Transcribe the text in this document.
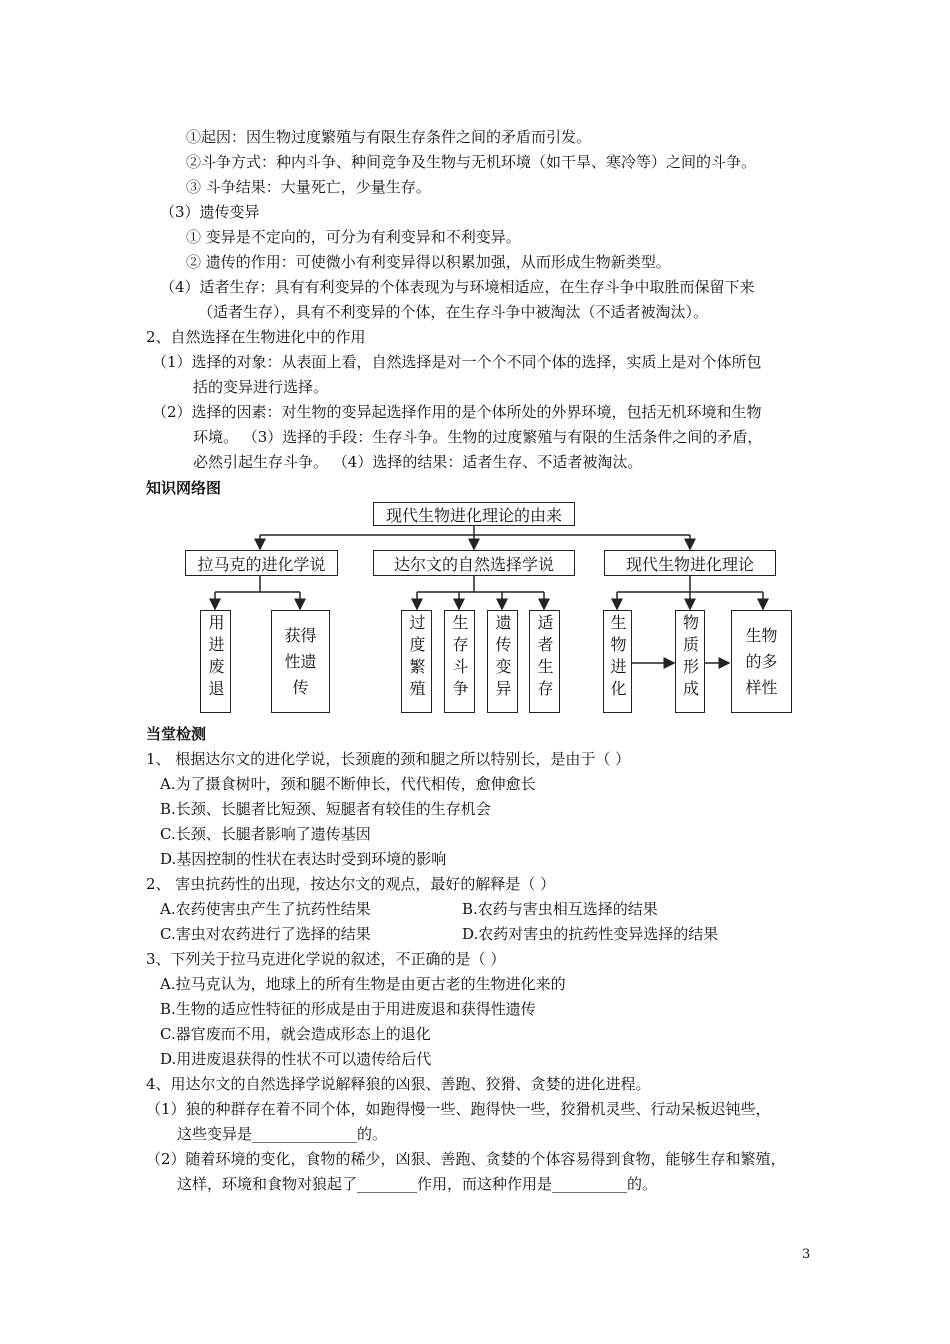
①起因：因生物过度繁殖与有限生存条件之间的矛盾而引发。
②斗争方式：种内斗争、种间竞争及生物与无机环境（如干旱、寒冷等）之间的斗争。
③ 斗争结果：大量死亡，少量生存。
（3）遗传变异
① 变异是不定向的，可分为有利变异和不利变异。
② 遗传的作用：可使微小有利变异得以积累加强，从而形成生物新类型。
（4）适者生存：具有有利变异的个体表现为与环境相适应，在生存斗争中取胜而保留下来
（适者生存），具有不利变异的个体，在生存斗争中被淘汰（不适者被淘汰）。
2、自然选择在生物进化中的作用
（1）选择的对象：从表面上看，自然选择是对一个个不同个体的选择，实质上是对个体所包
括的变异进行选择。
（2）选择的因素：对生物的变异起选择作用的是个体所处的外界环境，包括无机环境和生物
环境。 （3）选择的手段：生存斗争。生物的过度繁殖与有限的生活条件之间的矛盾，
必然引起生存斗争。 （4）选择的结果：适者生存、不适者被淘汰。
知识网络图
现代生物进化理论的由来
拉马克的进化学说	达尔文的自然选择学说	现代生物进化理论
用进废退	获得性遗传	过度繁殖 生存斗争 遗传变异 适者生存	生物进化	物质形成	生物的多样性
当堂检测
1、 根据达尔文的进化学说，长颈鹿的颈和腿之所以特别长，是由于（ ）
A.为了摄食树叶，颈和腿不断伸长，代代相传，愈伸愈长
B.长颈、长腿者比短颈、短腿者有较佳的生存机会
C.长颈、长腿者影响了遗传基因
D.基因控制的性状在表达时受到环境的影响
2、 害虫抗药性的出现，按达尔文的观点，最好的解释是（ ）
A.农药使害虫产生了抗药性结果	B.农药与害虫相互选择的结果
C.害虫对农药进行了选择的结果	D.农药对害虫的抗药性变异选择的结果
3、下列关于拉马克进化学说的叙述，不正确的是（ ）
A.拉马克认为，地球上的所有生物是由更古老的生物进化来的
B.生物的适应性特征的形成是由于用进废退和获得性遗传
C.器官废而不用，就会造成形态上的退化
D.用进废退获得的性状不可以遗传给后代
4、用达尔文的自然选择学说解释狼的凶狠、善跑、狡猾、贪婪的进化进程。
（1）狼的种群存在着不同个体，如跑得慢一些、跑得快一些，狡猾机灵些、行动呆板迟钝些，
这些变异是______________的。
（2）随着环境的变化，食物的稀少，凶狠、善跑、贪婪的个体容易得到食物，能够生存和繁殖，
这样，环境和食物对狼起了________作用，而这种作用是__________的。
3
